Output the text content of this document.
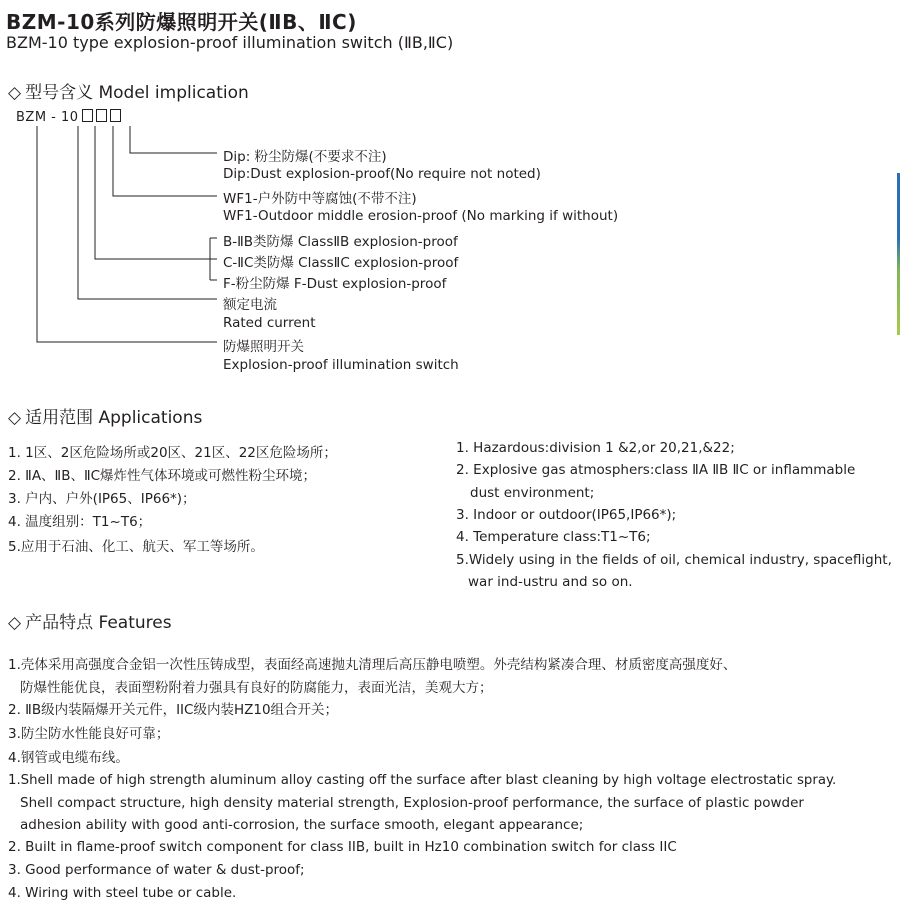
BZM-10系列防爆照明开关(ⅡB、ⅡC)
BZM-10 type explosion-proof illumination switch (ⅡB,ⅡC)
◇ 型号含义 Model implication
BZM - 10
Dip: 粉尘防爆(不要求不注)
Dip:Dust explosion-proof(No require not noted)
WF1-户外防中等腐蚀(不带不注)
WF1-Outdoor middle erosion-proof (No marking if without)
B-ⅡB类防爆 ClassⅡB explosion-proof
C-ⅡC类防爆 ClassⅡC explosion-proof
F-粉尘防爆 F-Dust explosion-proof
额定电流
Rated current
防爆照明开关
Explosion-proof illumination switch
◇ 适用范围 Applications
1. 1区、2区危险场所或20区、21区、22区危险场所；
2. ⅡA、ⅡB、ⅡC爆炸性气体环境或可燃性粉尘环境；
3. 户内、户外(IP65、IP66*)；
4. 温度组别：T1~T6；
5.应用于石油、化工、航天、军工等场所。
1. Hazardous:division 1 &2,or 20,21,&22;
2. Explosive gas atmosphers:class ⅡA ⅡB ⅡC or inflammable
dust environment;
3. Indoor or outdoor(IP65,IP66*);
4. Temperature class:T1~T6;
5.Widely using in the fields of oil, chemical industry, spaceflight,
war ind-ustru and so on.
◇ 产品特点 Features
1.壳体采用高强度合金铝一次性压铸成型，表面经高速抛丸清理后高压静电喷塑。外壳结构紧凑合理、材质密度高强度好、
防爆性能优良，表面塑粉附着力强具有良好的防腐能力，表面光洁，美观大方；
2. ⅡB级内装隔爆开关元件，IIC级内装HZ10组合开关；
3.防尘防水性能良好可靠；
4.钢管或电缆布线。
1.Shell made of high strength aluminum alloy casting off the surface after blast cleaning by high voltage electrostatic spray.
Shell compact structure, high density material strength, Explosion-proof performance, the surface of plastic powder
adhesion ability with good anti-corrosion, the surface smooth, elegant appearance;
2. Built in flame-proof switch component for class IIB, built in Hz10 combination switch for class IIC
3. Good performance of water & dust-proof;
4. Wiring with steel tube or cable.
